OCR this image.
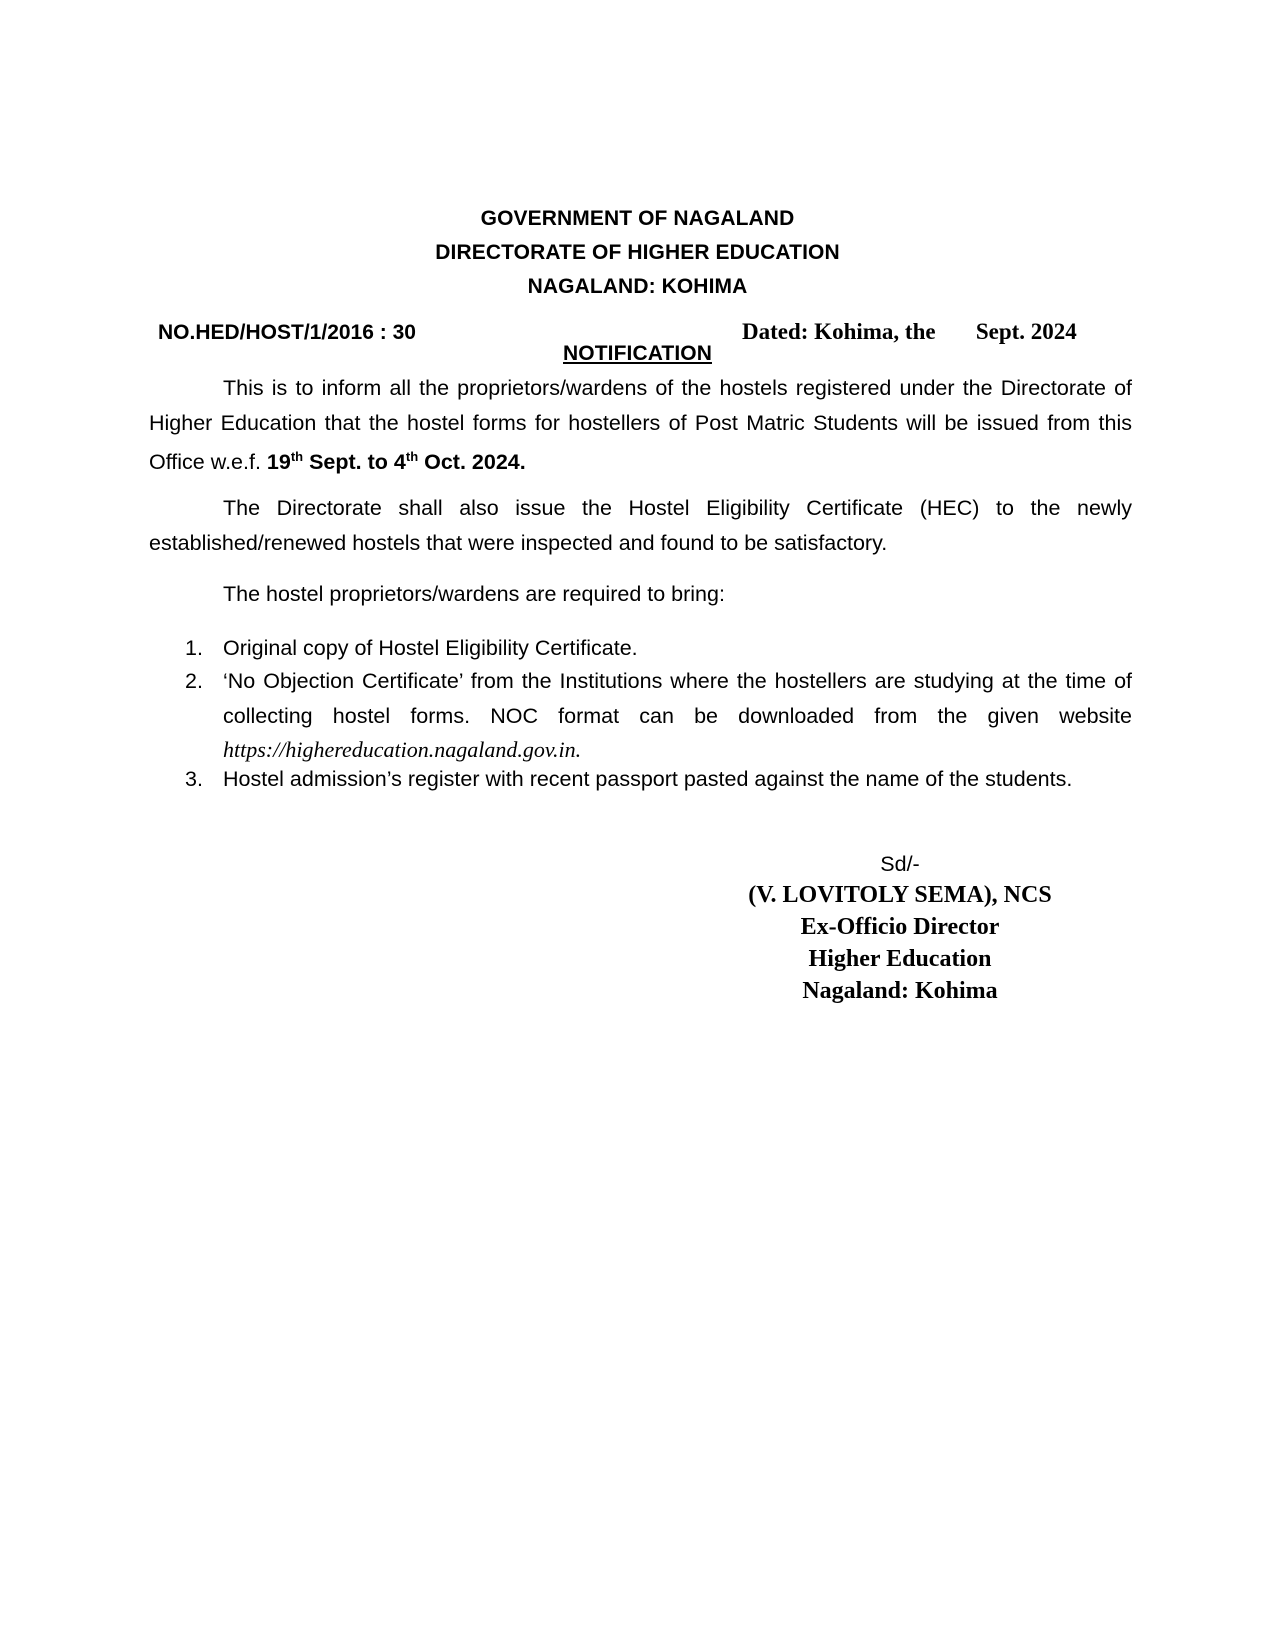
GOVERNMENT OF NAGALAND
DIRECTORATE OF HIGHER EDUCATION
NAGALAND: KOHIMA
NO.HED/HOST/1/2016 : 30	Dated: Kohima, the       Sept. 2024
NOTIFICATION
This is to inform all the proprietors/wardens of the hostels registered under the Directorate of Higher Education that the hostel forms for hostellers of Post Matric Students will be issued from this Office w.e.f. 19th Sept. to 4th Oct. 2024.
The Directorate shall also issue the Hostel Eligibility Certificate (HEC) to the newly established/renewed hostels that were inspected and found to be satisfactory.
The hostel proprietors/wardens are required to bring:
1. Original copy of Hostel Eligibility Certificate.
2. ‘No Objection Certificate’ from the Institutions where the hostellers are studying at the time of collecting hostel forms. NOC format can be downloaded from the given website https://highereducation.nagaland.gov.in.
3. Hostel admission’s register with recent passport pasted against the name of the students.
Sd/-
(V. LOVITOLY SEMA), NCS
Ex-Officio Director
Higher Education
Nagaland: Kohima
